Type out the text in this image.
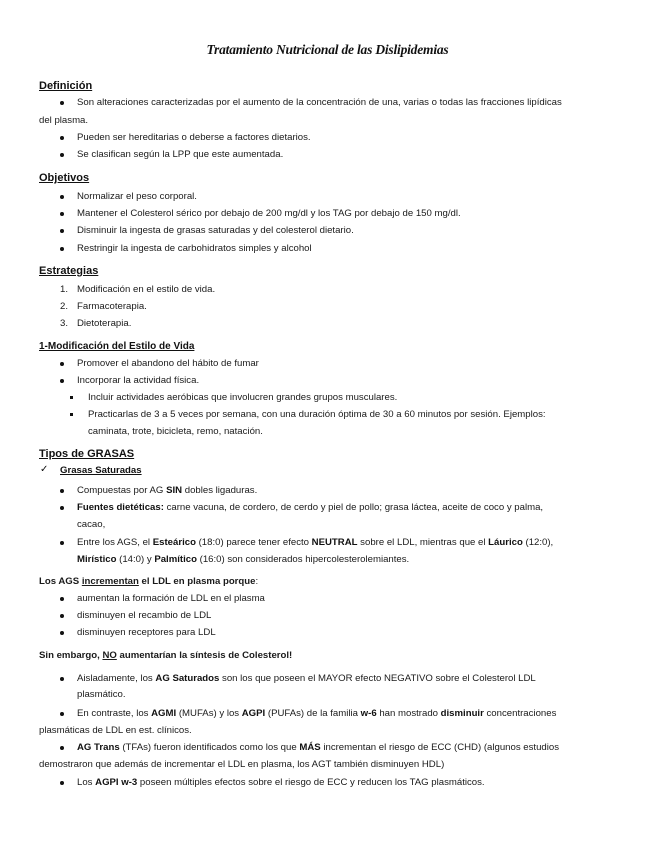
Tratamiento Nutricional de las Dislipidemias
Definición
Son alteraciones caracterizadas por el aumento de la concentración de una, varias o todas las fracciones lipídicas
del plasma.
Pueden ser hereditarias o deberse a factores dietarios.
Se clasifican según la LPP que este aumentada.
Objetivos
Normalizar el peso corporal.
Mantener el Colesterol sérico por debajo de 200 mg/dl y los TAG por debajo de 150 mg/dl.
Disminuir la ingesta de grasas saturadas y del colesterol dietario.
Restringir la ingesta de carbohidratos simples y alcohol
Estrategias
1. Modificación en el estilo de vida.
2. Farmacoterapia.
3. Dietoterapia.
1-Modificación del Estilo de Vida
Promover el abandono del hábito de fumar
Incorporar la actividad física.
Incluir actividades aeróbicas que involucren grandes grupos musculares.
Practicarlas de 3 a 5 veces por semana, con una duración óptima de 30 a 60 minutos por sesión. Ejemplos:
caminata, trote, bicicleta, remo, natación.
Tipos de GRASAS
✓ Grasas Saturadas
Compuestas por AG SIN dobles ligaduras.
Fuentes dietéticas: carne vacuna, de cordero, de cerdo y piel de pollo; grasa láctea, aceite de coco y palma,
cacao,
Entre los AGS, el Esteárico (18:0) parece tener efecto NEUTRAL sobre el LDL, mientras que el Láurico (12:0),
Mirístico (14:0) y Palmítico (16:0) son considerados hipercolesterolemiantes.
Los AGS incrementan el LDL en plasma porque:
aumentan la formación de LDL en el plasma
disminuyen el recambio de LDL
disminuyen receptores para LDL
Sin embargo, NO aumentarían la síntesis de Colesterol!
Aisladamente, los AG Saturados son los que poseen el MAYOR efecto NEGATIVO sobre el Colesterol LDL
plasmático.
En contraste, los AGMI (MUFAs) y los AGPI (PUFAs) de la familia w-6 han mostrado disminuir concentraciones
plasmáticas de LDL en est. clínicos.
AG Trans (TFAs) fueron identificados como los que MÁS incrementan el riesgo de ECC (CHD) (algunos estudios
demostraron que además de incrementar el LDL en plasma, los AGT también disminuyen HDL)
Los AGPI w-3 poseen múltiples efectos sobre el riesgo de ECC y reducen los TAG plasmáticos.
